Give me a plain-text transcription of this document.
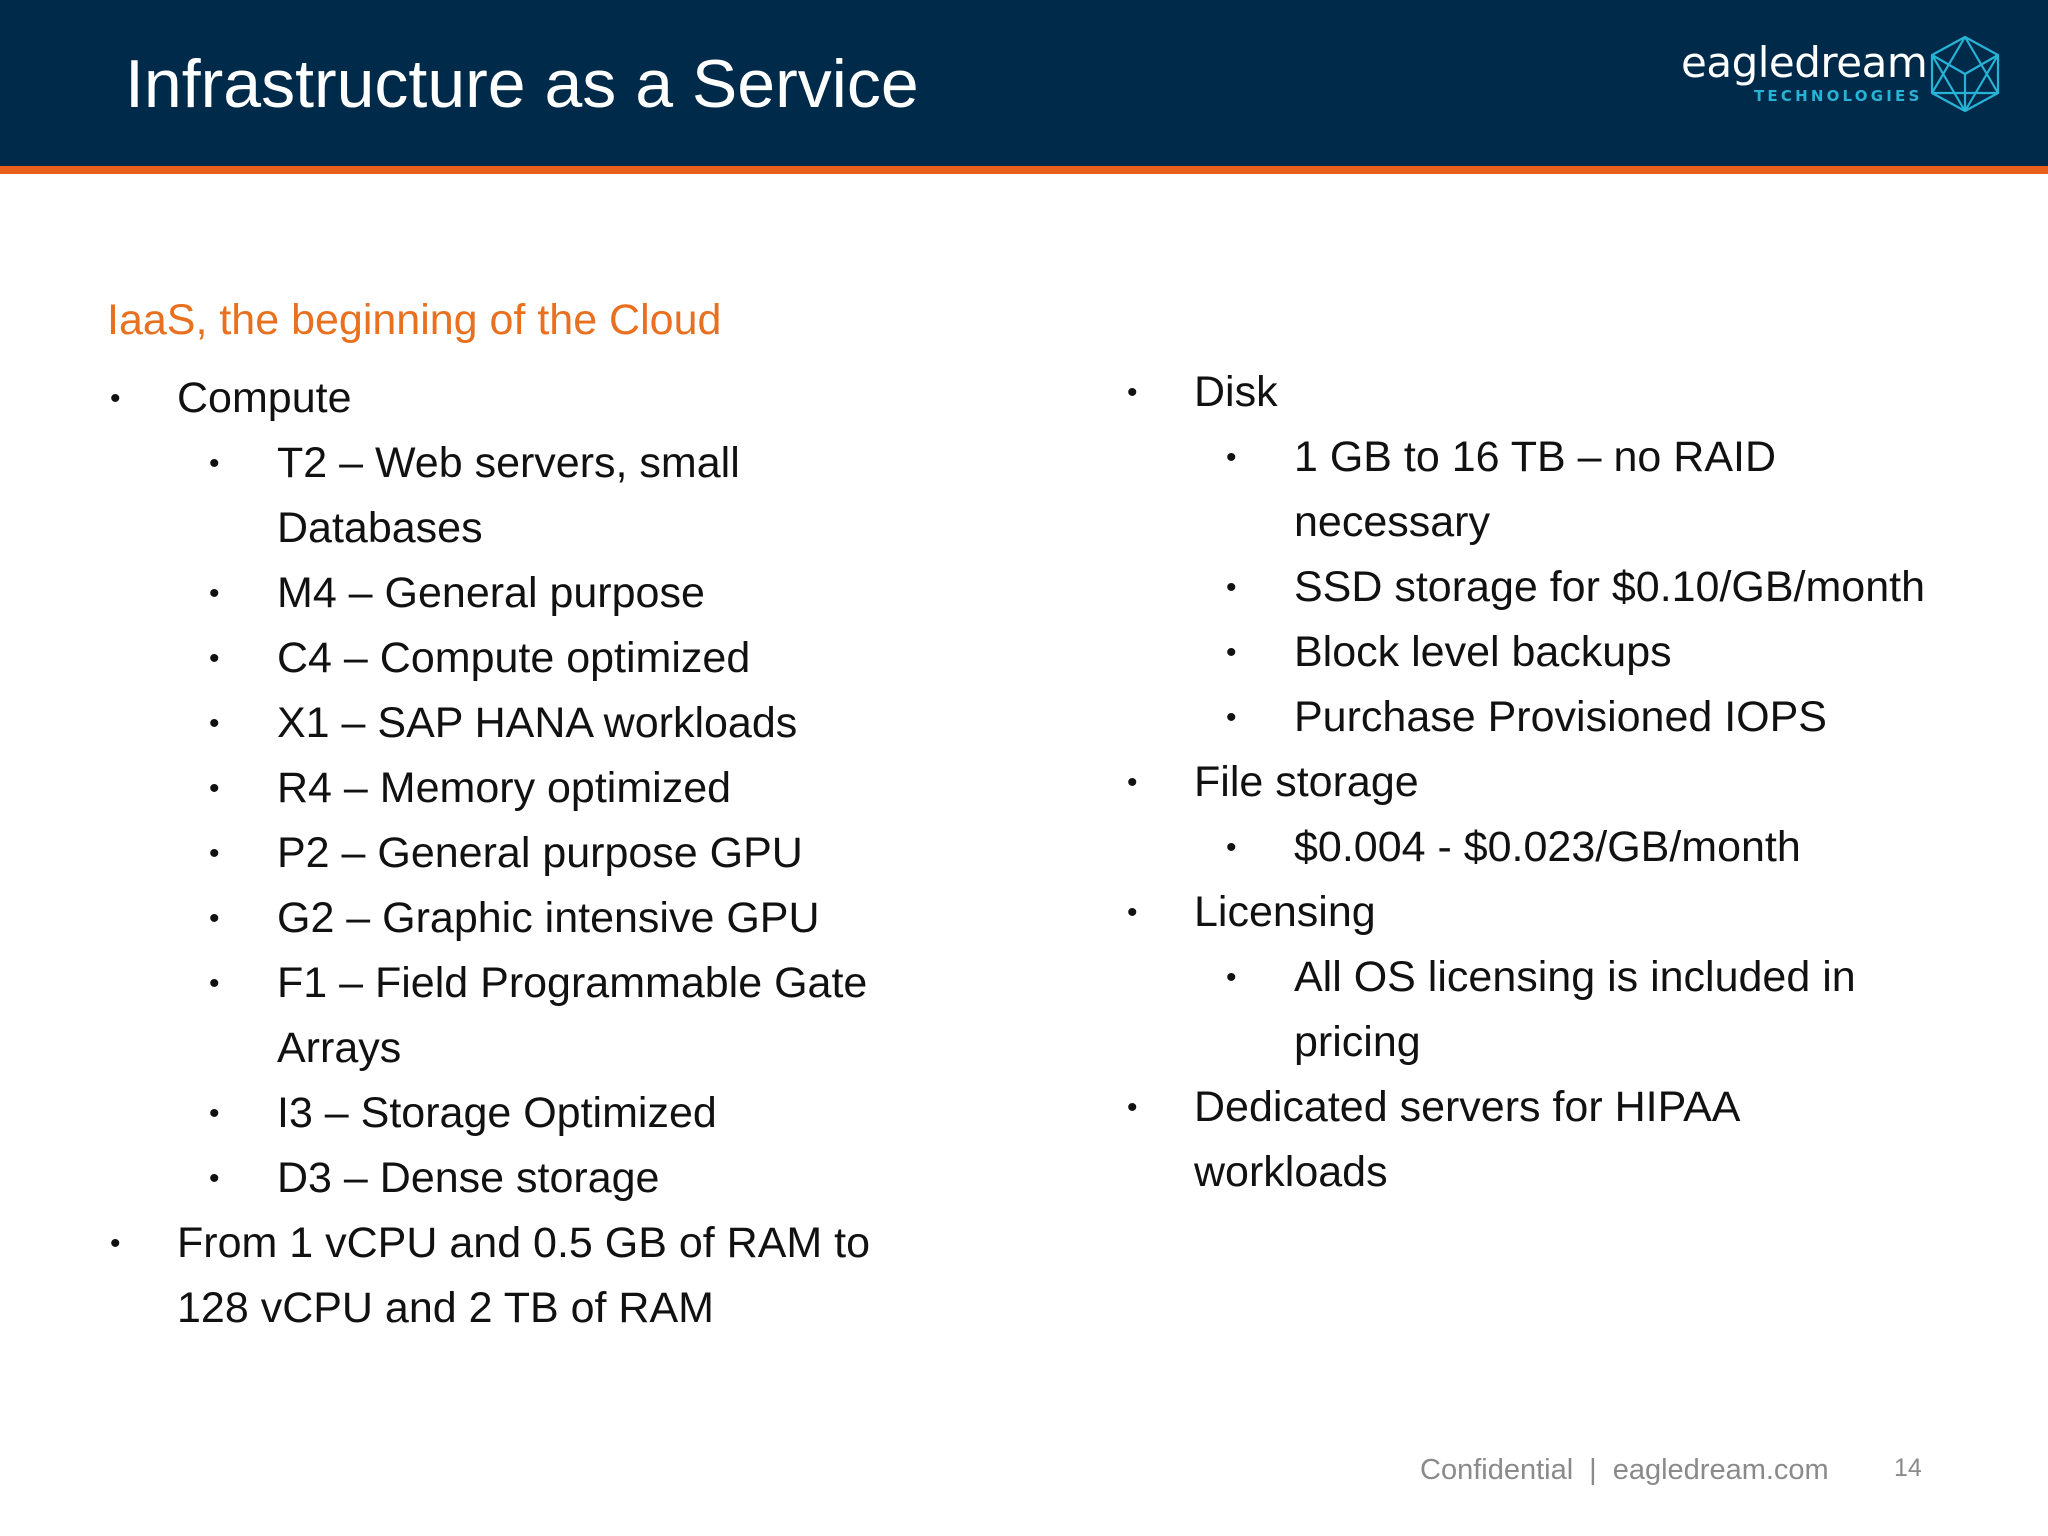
Infrastructure as a Service	eagledream
TECHNOLOGIES
IaaS, the beginning of the Cloud
• Compute
• T2 – Web servers, small
Databases
• M4 – General purpose
• C4 – Compute optimized
• X1 – SAP HANA workloads
• R4 – Memory optimized
• P2 – General purpose GPU
• G2 – Graphic intensive GPU
• F1 – Field Programmable Gate
Arrays
• I3 – Storage Optimized
• D3 – Dense storage
• From 1 vCPU and 0.5 GB of RAM to
128 vCPU and 2 TB of RAM
• Disk
• 1 GB to 16 TB – no RAID
necessary
• SSD storage for $0.10/GB/month
• Block level backups
• Purchase Provisioned IOPS
• File storage
• $0.004 - $0.023/GB/month
• Licensing
• All OS licensing is included in
pricing
• Dedicated servers for HIPAA
workloads
Confidential | eagledream.com	14
